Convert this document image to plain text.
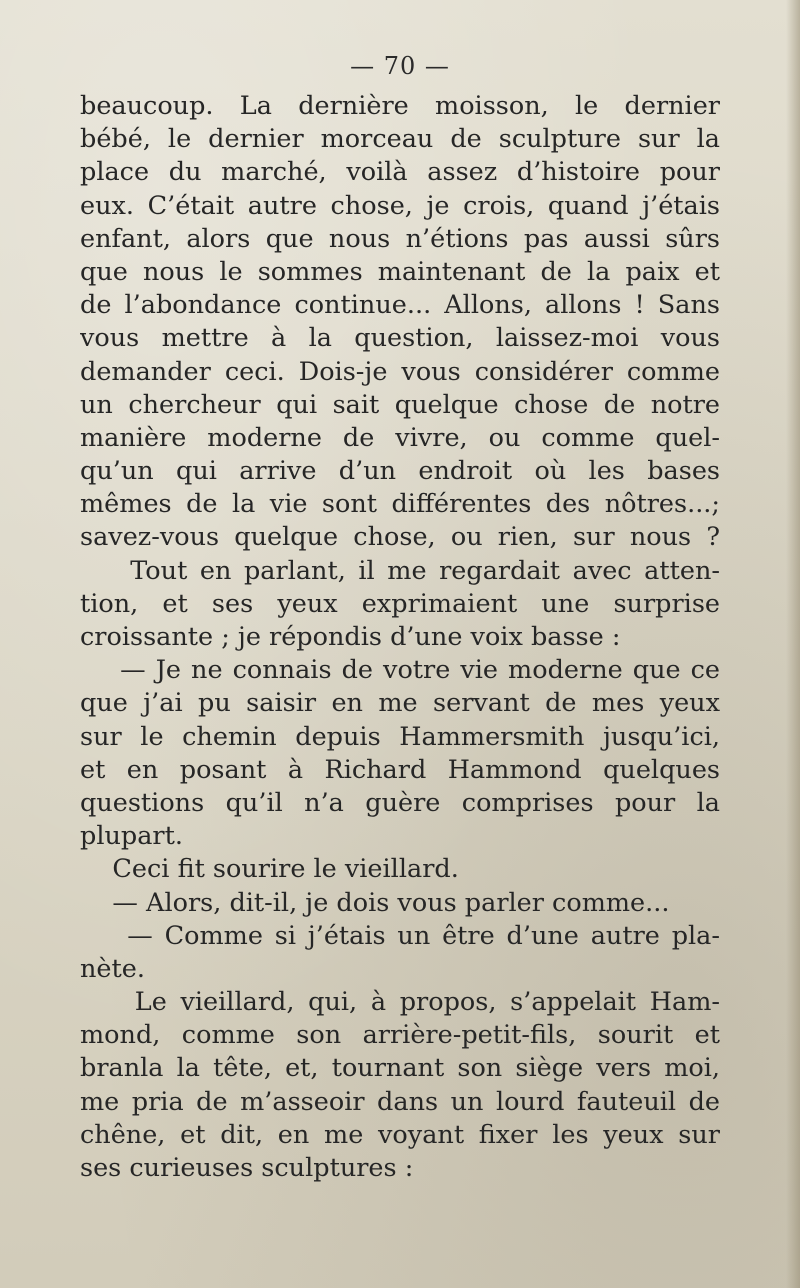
— 70 —
beaucoup. La dernière moisson, le dernier
bébé, le dernier morceau de sculpture sur la
place du marché, voilà assez d’histoire pour
eux. C’était autre chose, je crois, quand j’étais
enfant, alors que nous n’étions pas aussi sûrs
que nous le sommes maintenant de la paix et
de l’abondance continue... Allons, allons ! Sans
vous mettre à la question, laissez-moi vous
demander ceci. Dois-je vous considérer comme
un chercheur qui sait quelque chose de notre
manière moderne de vivre, ou comme quel-
qu’un qui arrive d’un endroit où les bases
mêmes de la vie sont différentes des nôtres...;
savez-vous quelque chose, ou rien, sur nous ?
Tout en parlant, il me regardait avec atten-
tion, et ses yeux exprimaient une surprise
croissante ; je répondis d’une voix basse :
— Je ne connais de votre vie moderne que ce
que j’ai pu saisir en me servant de mes yeux
sur le chemin depuis Hammersmith jusqu’ici,
et en posant à Richard Hammond quelques
questions qu’il n’a guère comprises pour la
plupart.
Ceci fit sourire le vieillard.
— Alors, dit-il, je dois vous parler comme...
— Comme si j’étais un être d’une autre pla-
nète.
Le vieillard, qui, à propos, s’appelait Ham-
mond, comme son arrière-petit-fils, sourit et
branla la tête, et, tournant son siège vers moi,
me pria de m’asseoir dans un lourd fauteuil de
chêne, et dit, en me voyant fixer les yeux sur
ses curieuses sculptures :
